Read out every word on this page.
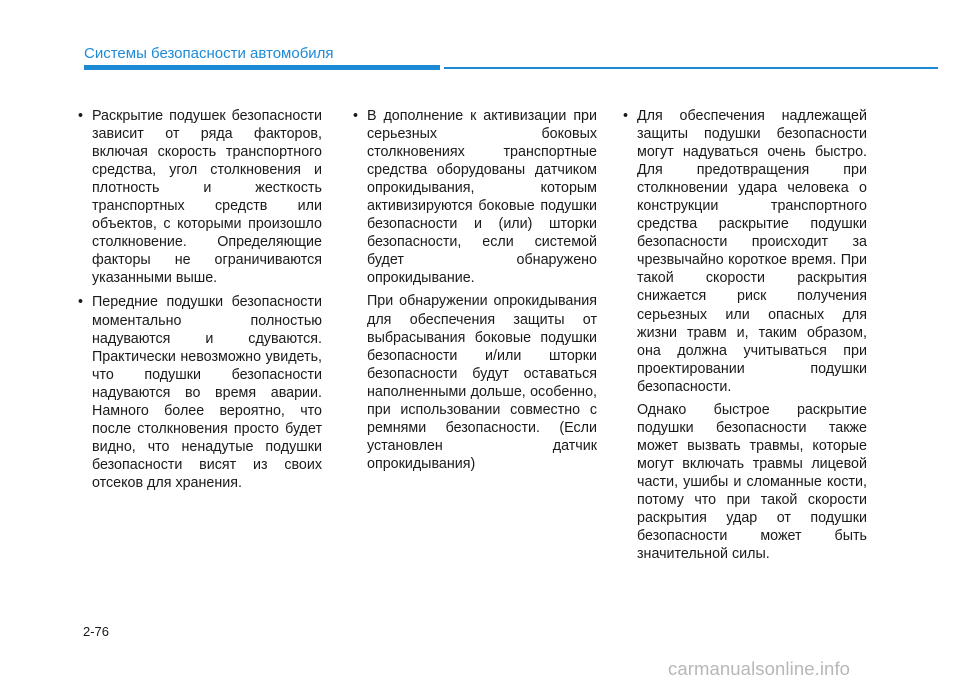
Системы безопасности автомобиля
• Раскрытие подушек безопасности зависит от ряда факторов, включая скорость транспортного средства, угол столкновения и плотность и жесткость транспортных средств или объектов, с которыми произошло столкновение. Определяющие факторы не ограничиваются указанными выше.

• Передние подушки безопасности моментально полностью надуваются и сдуваются. Практически невозможно увидеть, что подушки безопасности надуваются во время аварии. Намного более вероятно, что после столкновения просто будет видно, что ненадутые подушки безопасности висят из своих отсеков для хранения.

• В дополнение к активизации при серьезных боковых столкновениях транспортные средства оборудованы датчиком опрокидывания, которым активизируются боковые подушки безопасности и (или) шторки безопасности, если системой будет обнаружено опрокидывание.

При обнаружении опрокидывания для обеспечения защиты от выбрасывания боковые подушки безопасности и/или шторки безопасности будут оставаться наполненными дольше, особенно, при использовании совместно с ремнями безопасности. (Если установлен датчик опрокидывания)

• Для обеспечения надлежащей защиты подушки безопасности могут надуваться очень быстро. Для предотвращения при столкновении удара человека о конструкции транспортного средства раскрытие подушки безопасности происходит за чрезвычайно короткое время. При такой скорости раскрытия снижается риск получения серьезных или опасных для жизни травм и, таким образом, она должна учитываться при проектировании подушки безопасности.

Однако быстрое раскрытие подушки безопасности также может вызвать травмы, которые могут включать травмы лицевой части, ушибы и сломанные кости, потому что при такой скорости раскрытия удар от подушки безопасности может быть значительной силы.

2-76
carmanualsonline.info
